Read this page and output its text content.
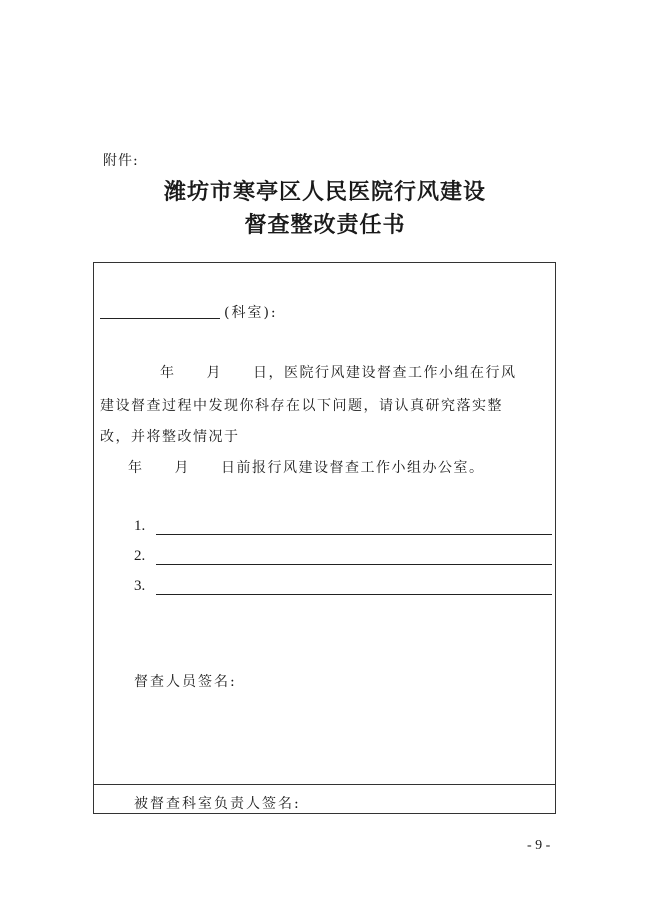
附件:
潍坊市寒亭区人民医院行风建设
督查整改责任书
(科室):
年　　月　　日，医院行风建设督查工作小组在行风
建设督查过程中发现你科存在以下问题，请认真研究落实整
改，并将整改情况于
年　　月　　日前报行风建设督查工作小组办公室。
1.
2.
3.
督查人员签名:
被督查科室负责人签名:
- 9 -
